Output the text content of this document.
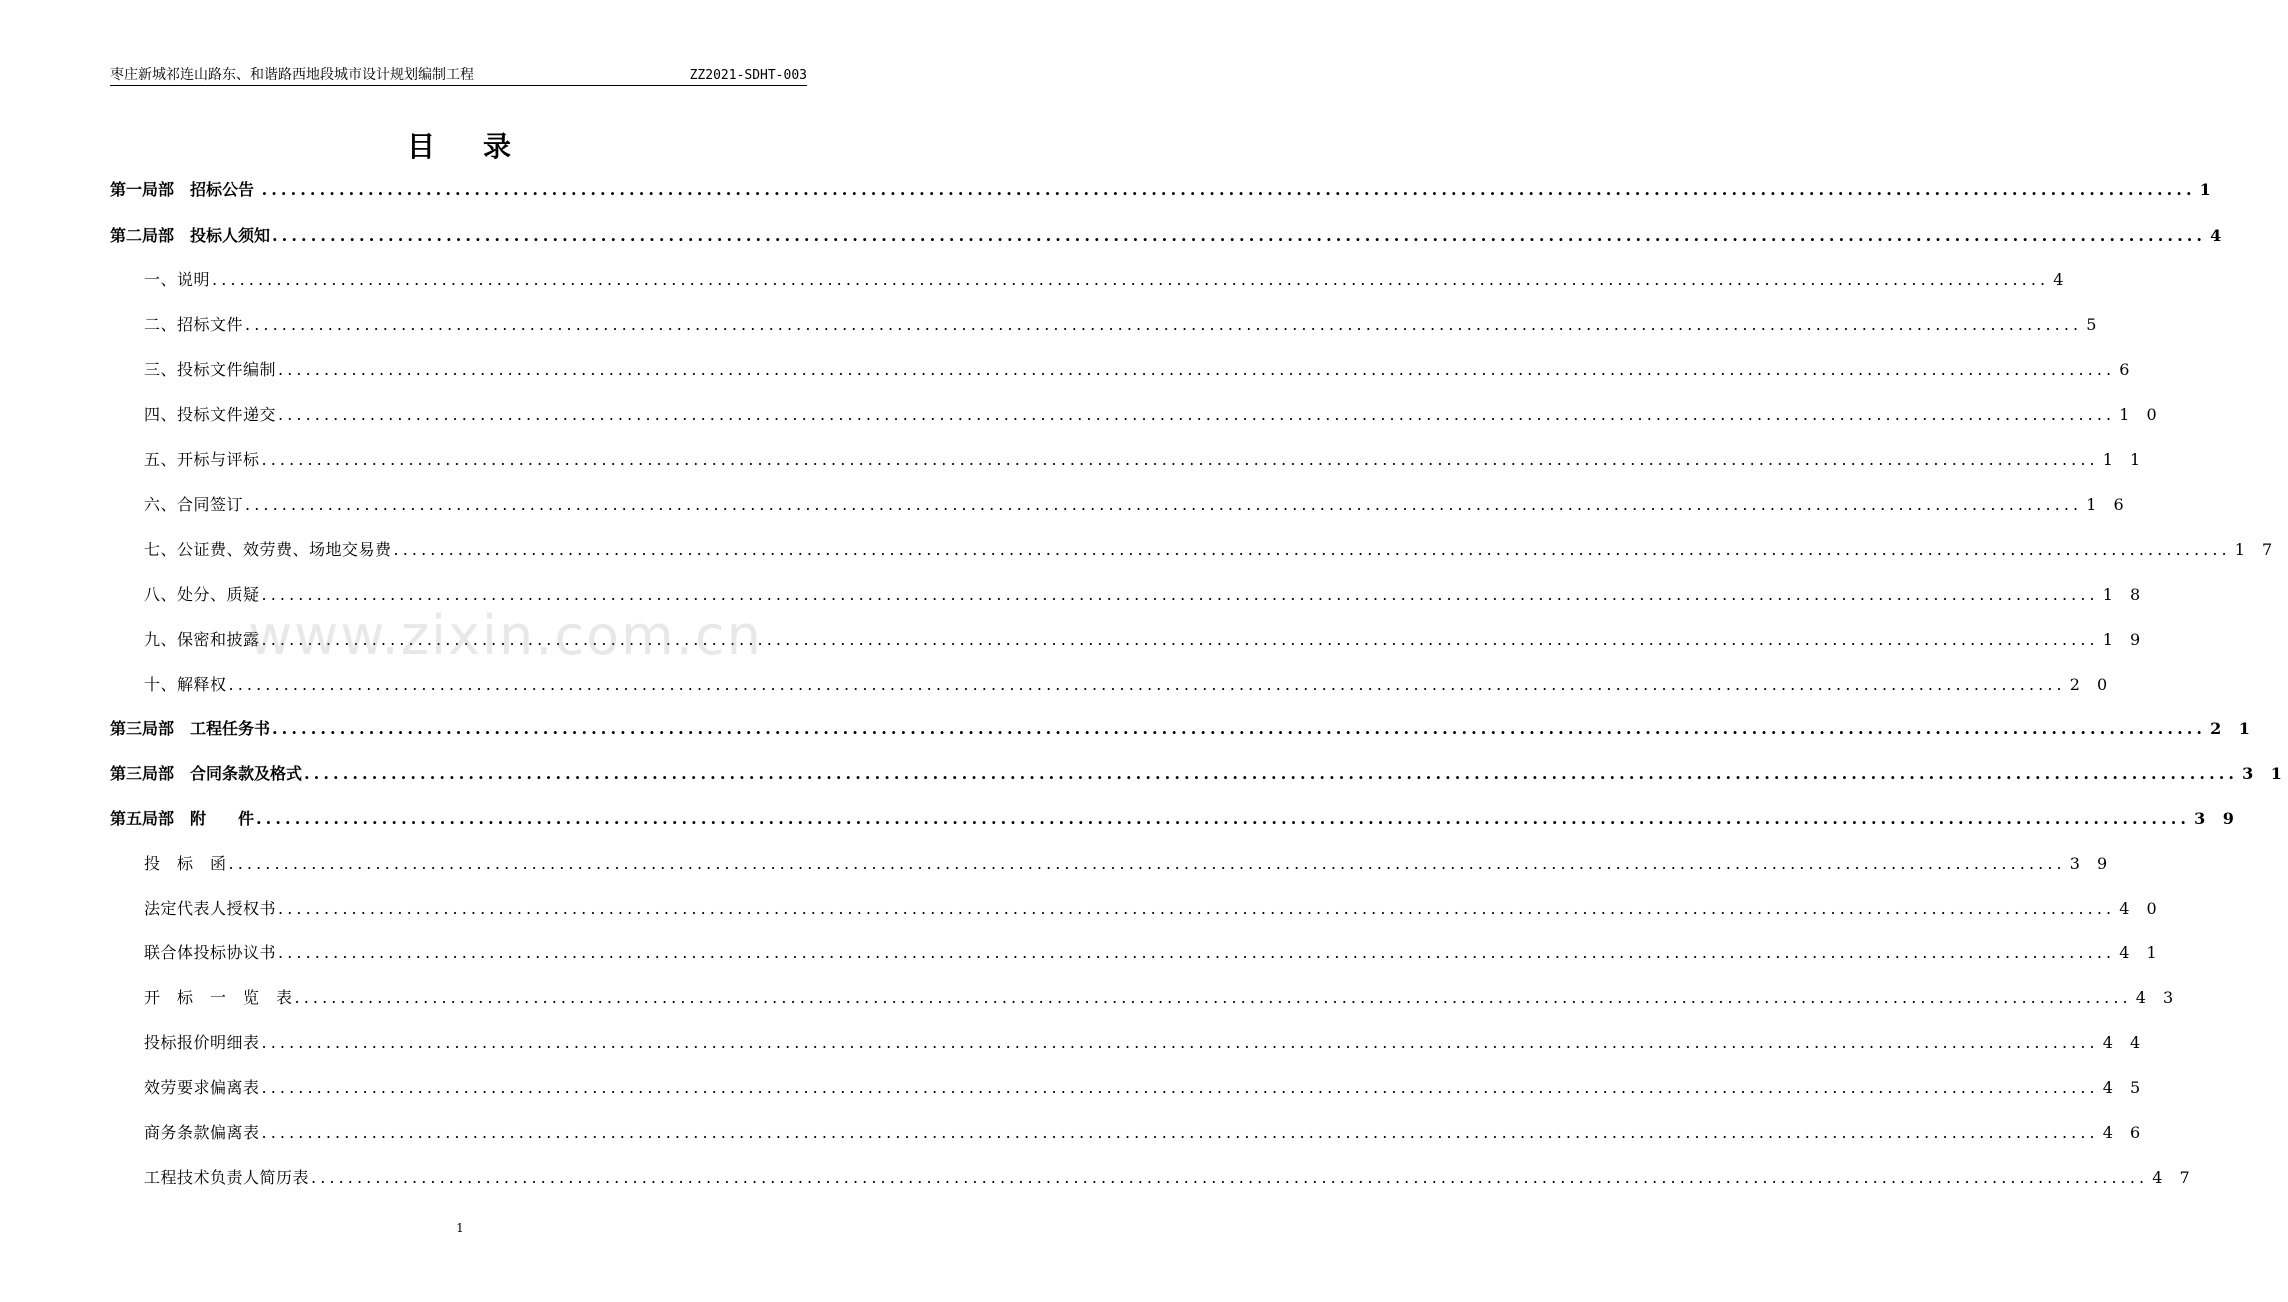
枣庄新城祁连山路东、和谐路西地段城市设计规划编制工程	ZZ2021-SDHT-003
目 录
第一局部　招标公告 ........................................................................................................................................................................................................ 1
第二局部　投标人须知 ........................................................................................................................................................................................................ 4
一、说明 ........................................................................................................................................................................................................ 4
二、招标文件 ........................................................................................................................................................................................................ 5
三、投标文件编制 ........................................................................................................................................................................................................ 6
四、投标文件递交 ........................................................................................................................................................................................................ 1 0
五、开标与评标 ........................................................................................................................................................................................................ 1 1
六、合同签订 ........................................................................................................................................................................................................ 1 6
七、公证费、效劳费、场地交易费 ........................................................................................................................................................................................................ 1 7
八、处分、质疑 ........................................................................................................................................................................................................ 1 8
九、保密和披露 ........................................................................................................................................................................................................ 1 9
十、解释权 ........................................................................................................................................................................................................ 2 0
第三局部　工程任务书 ........................................................................................................................................................................................................ 2 1
第三局部　合同条款及格式 ........................................................................................................................................................................................................ 3 1
第五局部　附　　件 ........................................................................................................................................................................................................ 3 9
投　标　函 ........................................................................................................................................................................................................ 3 9
法定代表人授权书 ........................................................................................................................................................................................................ 4 0
联合体投标协议书 ........................................................................................................................................................................................................ 4 1
开　标　一　览　表 ........................................................................................................................................................................................................ 4 3
投标报价明细表 ........................................................................................................................................................................................................ 4 4
效劳要求偏离表 ........................................................................................................................................................................................................ 4 5
商务条款偏离表 ........................................................................................................................................................................................................ 4 6
工程技术负责人简历表 ........................................................................................................................................................................................................ 4 7
www.zixin.com.cn
1
